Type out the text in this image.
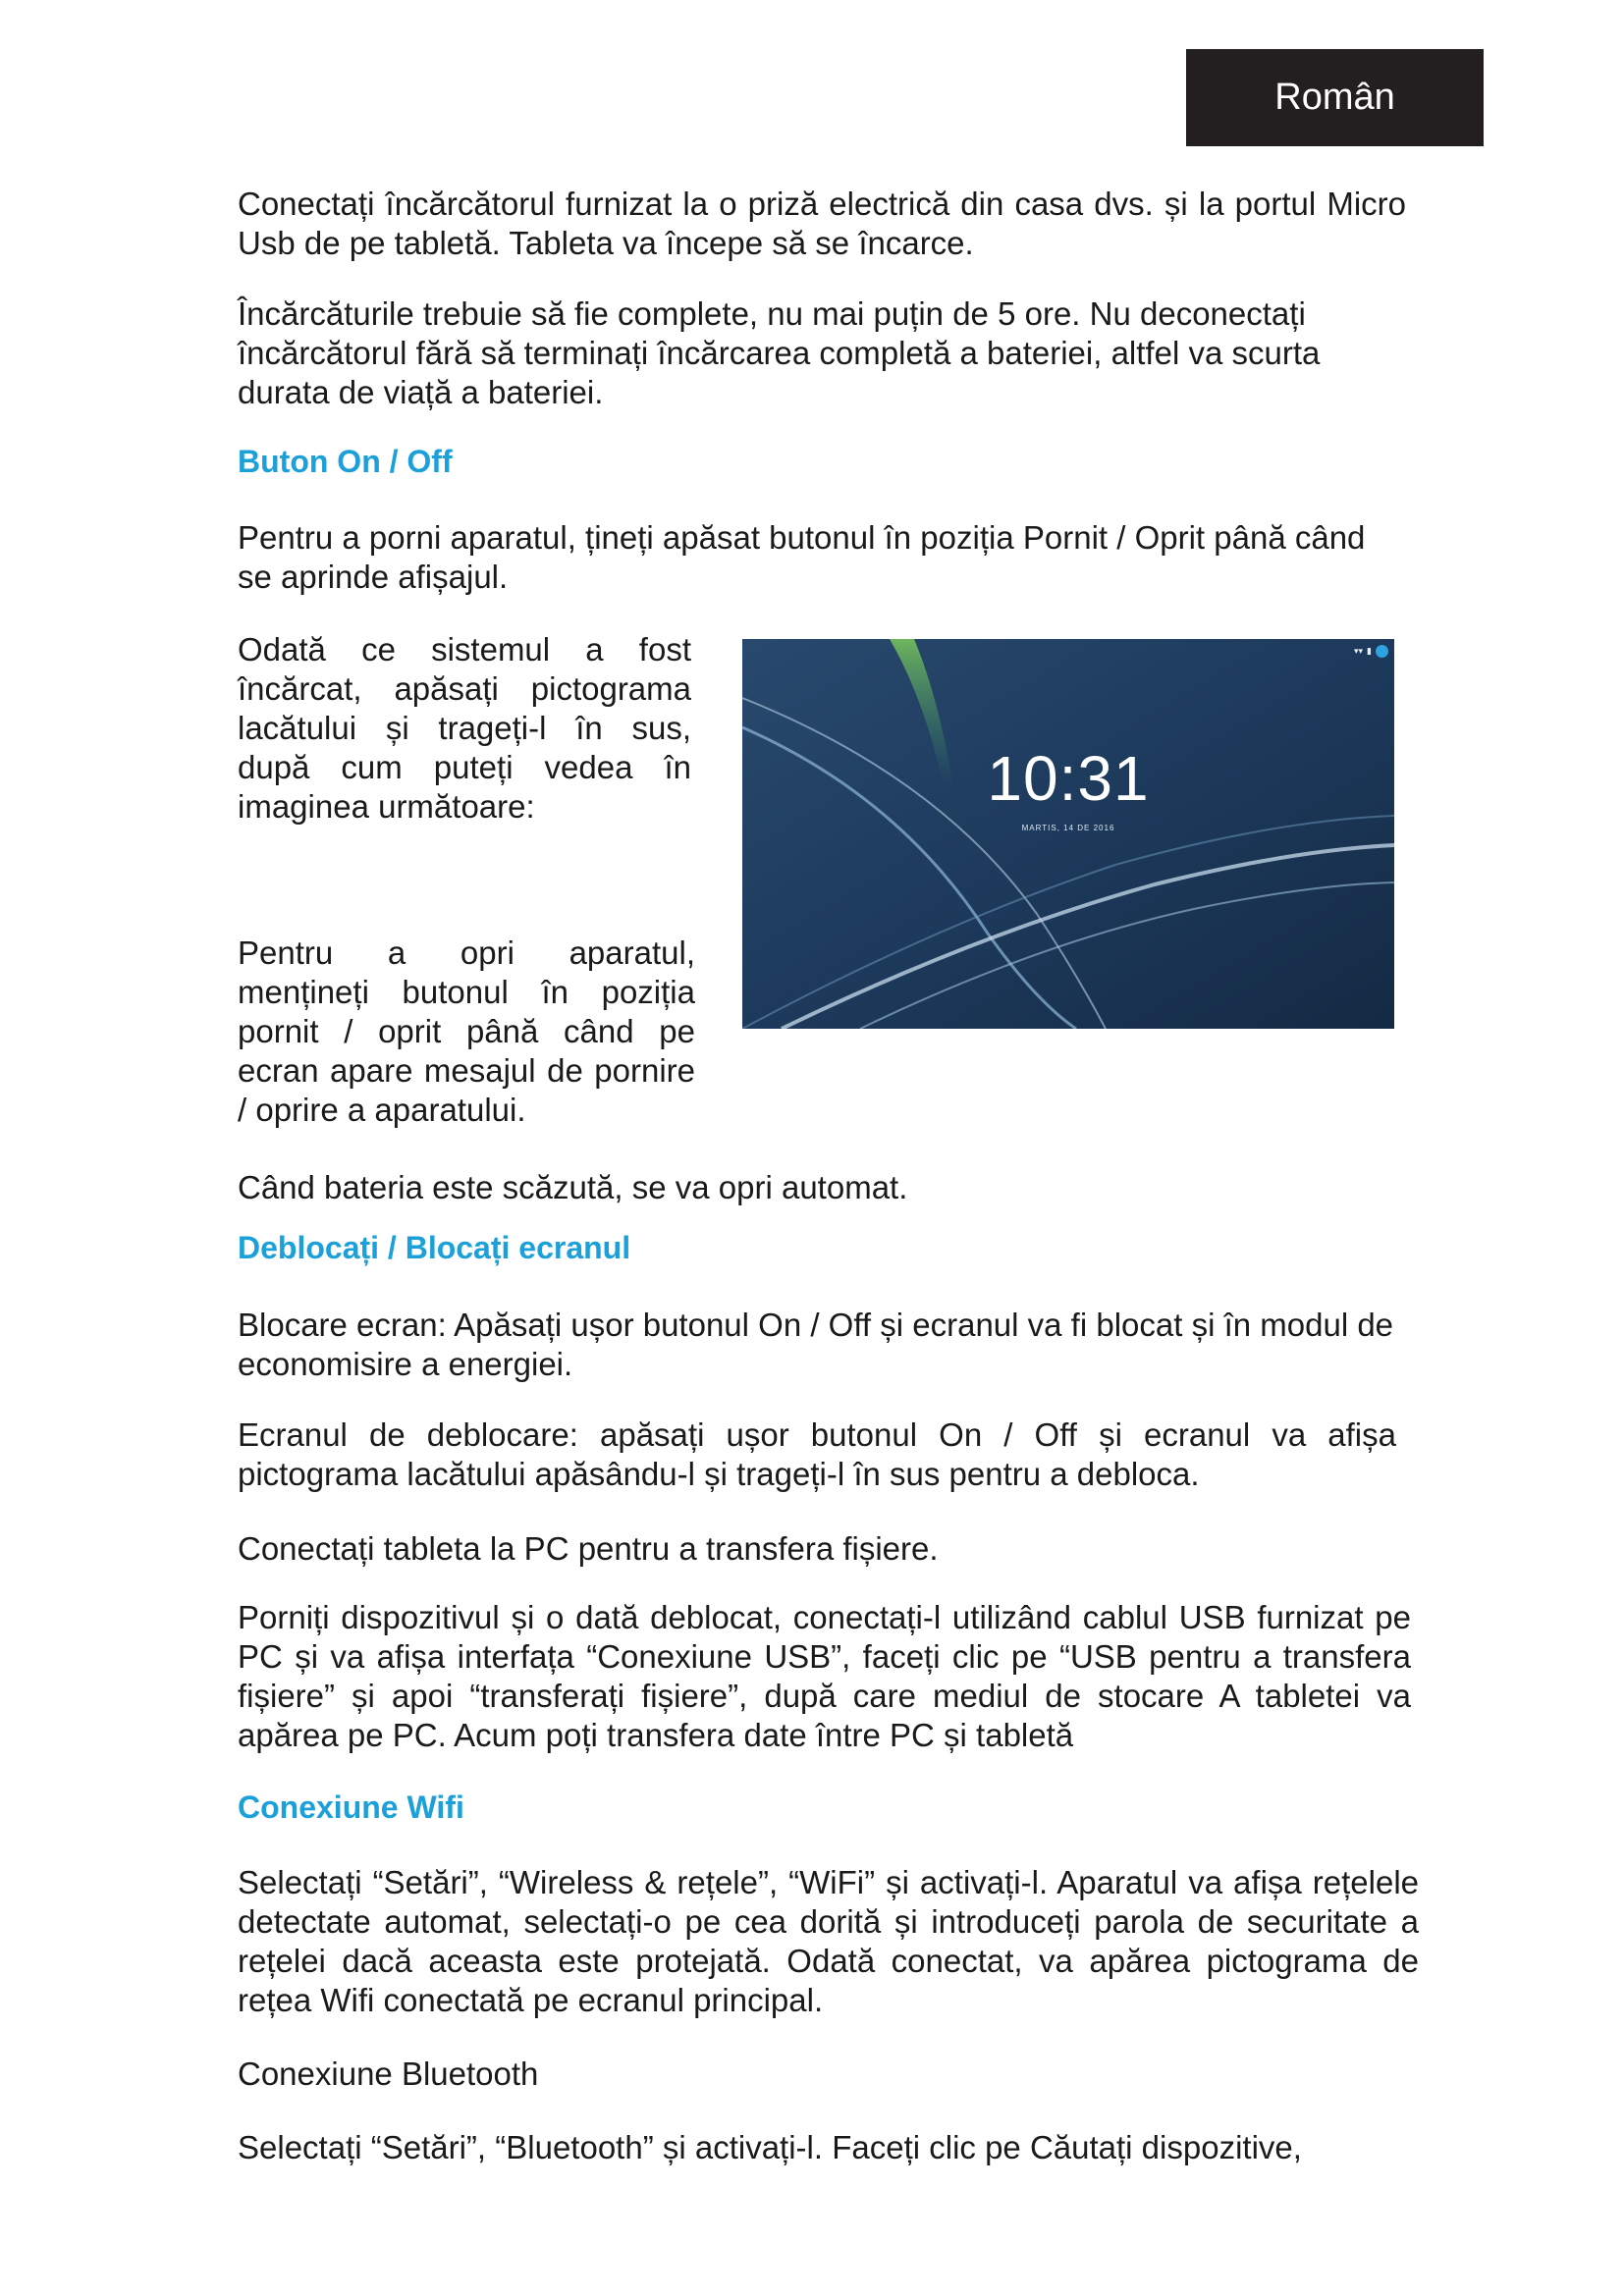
Român

Conectați încărcătorul furnizat la o priză electrică din casa dvs. și la portul Micro Usb de pe tabletă. Tableta va începe să se încarce.

Încărcăturile trebuie să fie complete, nu mai puțin de 5 ore. Nu deconectați încărcătorul fără să terminați încărcarea completă a bateriei, altfel va scurta durata de viață a bateriei.

Buton On / Off

Pentru a porni aparatul, țineți apăsat butonul în poziția Pornit / Oprit până când se aprinde afișajul.

Odată ce sistemul a fost încărcat, apăsați pictograma lacătului și trageți-l în sus, după cum puteți vedea în imaginea următoare:

▾▾ ▮
10:31
MARTIS, 14 DE 2016

Pentru a opri aparatul, mențineți butonul în poziția pornit / oprit până când pe ecran apare mesajul de pornire / oprire a aparatului.

Când bateria este scăzută, se va opri automat.

Deblocați / Blocați ecranul

Blocare ecran: Apăsați ușor butonul On / Off și ecranul va fi blocat și în modul de economisire a energiei.

Ecranul de deblocare: apăsați ușor butonul On / Off și ecranul va afișa pictograma lacătului apăsându-l și trageți-l în sus pentru a debloca.

Conectați tableta la PC pentru a transfera fișiere.

Porniți dispozitivul și o dată deblocat, conectați-l utilizând cablul USB furnizat pe PC și va afișa interfața “Conexiune USB”, faceți clic pe “USB pentru a transfera fișiere” și apoi “transferați fișiere”, după care mediul de stocare A tabletei va apărea pe PC. Acum poți transfera date între PC și tabletă

Conexiune Wifi

Selectați “Setări”, “Wireless & rețele”, “WiFi” și activați-l. Aparatul va afișa rețelele detectate automat, selectați-o pe cea dorită și introduceți parola de securitate a rețelei dacă aceasta este protejată. Odată conectat, va apărea pictograma de rețea Wifi conectată pe ecranul principal.

Conexiune Bluetooth

Selectați “Setări”, “Bluetooth” și activați-l. Faceți clic pe Căutați dispozitive,
